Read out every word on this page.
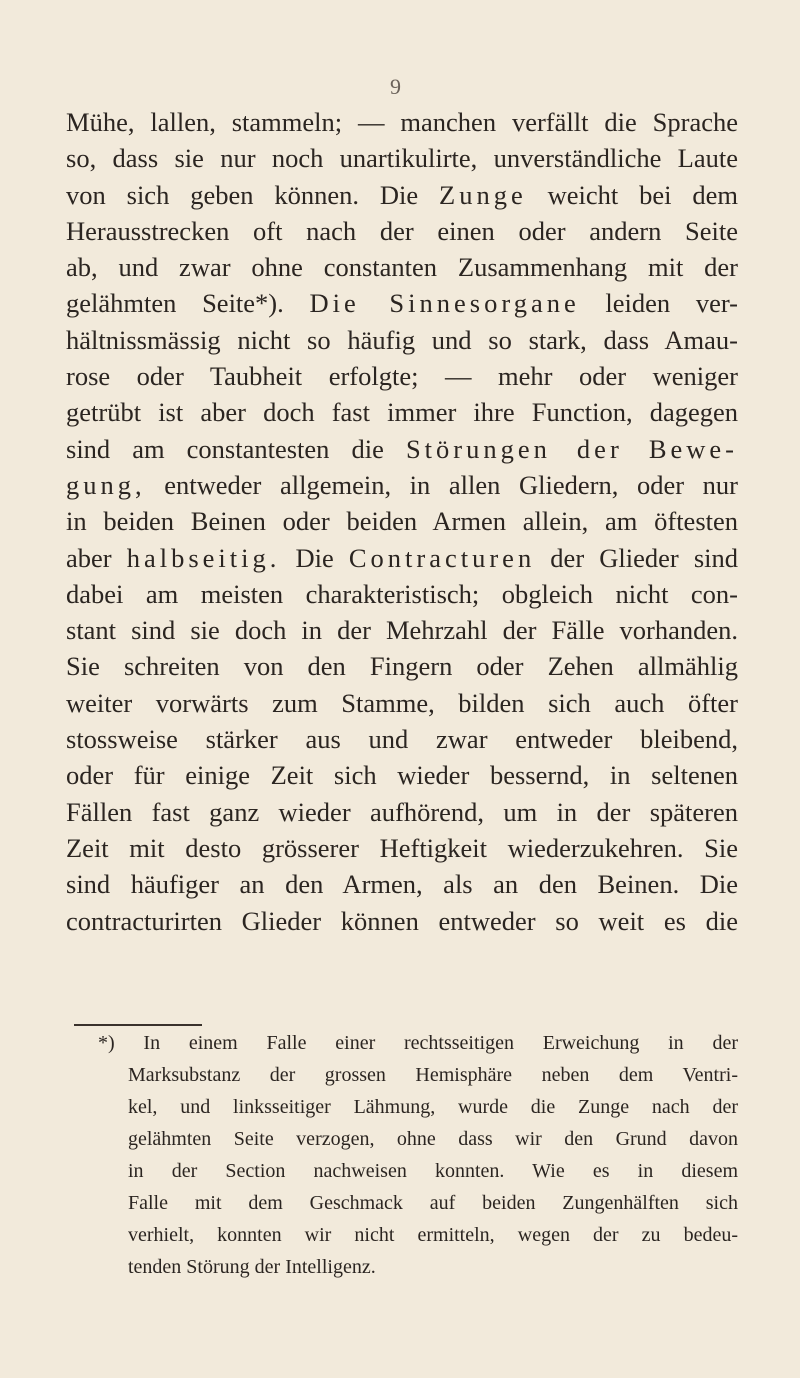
9
Mühe, lallen, stammeln; — manchen verfällt die Sprache
so, dass sie nur noch unartikulirte, unverständliche Laute
von sich geben können. Die Zunge weicht bei dem
Herausstrecken oft nach der einen oder andern Seite
ab, und zwar ohne constanten Zusammenhang mit der
gelähmten Seite*). Die Sinnesorgane leiden ver-
hältnissmässig nicht so häufig und so stark, dass Amau-
rose oder Taubheit erfolgte; — mehr oder weniger
getrübt ist aber doch fast immer ihre Function, dagegen
sind am constantesten die Störungen der Bewe-
gung, entweder allgemein, in allen Gliedern, oder nur
in beiden Beinen oder beiden Armen allein, am öftesten
aber halbseitig. Die Contracturen der Glieder sind
dabei am meisten charakteristisch; obgleich nicht con-
stant sind sie doch in der Mehrzahl der Fälle vorhanden.
Sie schreiten von den Fingern oder Zehen allmählig
weiter vorwärts zum Stamme, bilden sich auch öfter
stossweise stärker aus und zwar entweder bleibend,
oder für einige Zeit sich wieder bessernd, in seltenen
Fällen fast ganz wieder aufhörend, um in der späteren
Zeit mit desto grösserer Heftigkeit wiederzukehren. Sie
sind häufiger an den Armen, als an den Beinen. Die
contracturirten Glieder können entweder so weit es die
*) In einem Falle einer rechtsseitigen Erweichung in der
Marksubstanz der grossen Hemisphäre neben dem Ventri-
kel, und linksseitiger Lähmung, wurde die Zunge nach der
gelähmten Seite verzogen, ohne dass wir den Grund davon
in der Section nachweisen konnten. Wie es in diesem
Falle mit dem Geschmack auf beiden Zungenhälften sich
verhielt, konnten wir nicht ermitteln, wegen der zu bedeu-
tenden Störung der Intelligenz.
